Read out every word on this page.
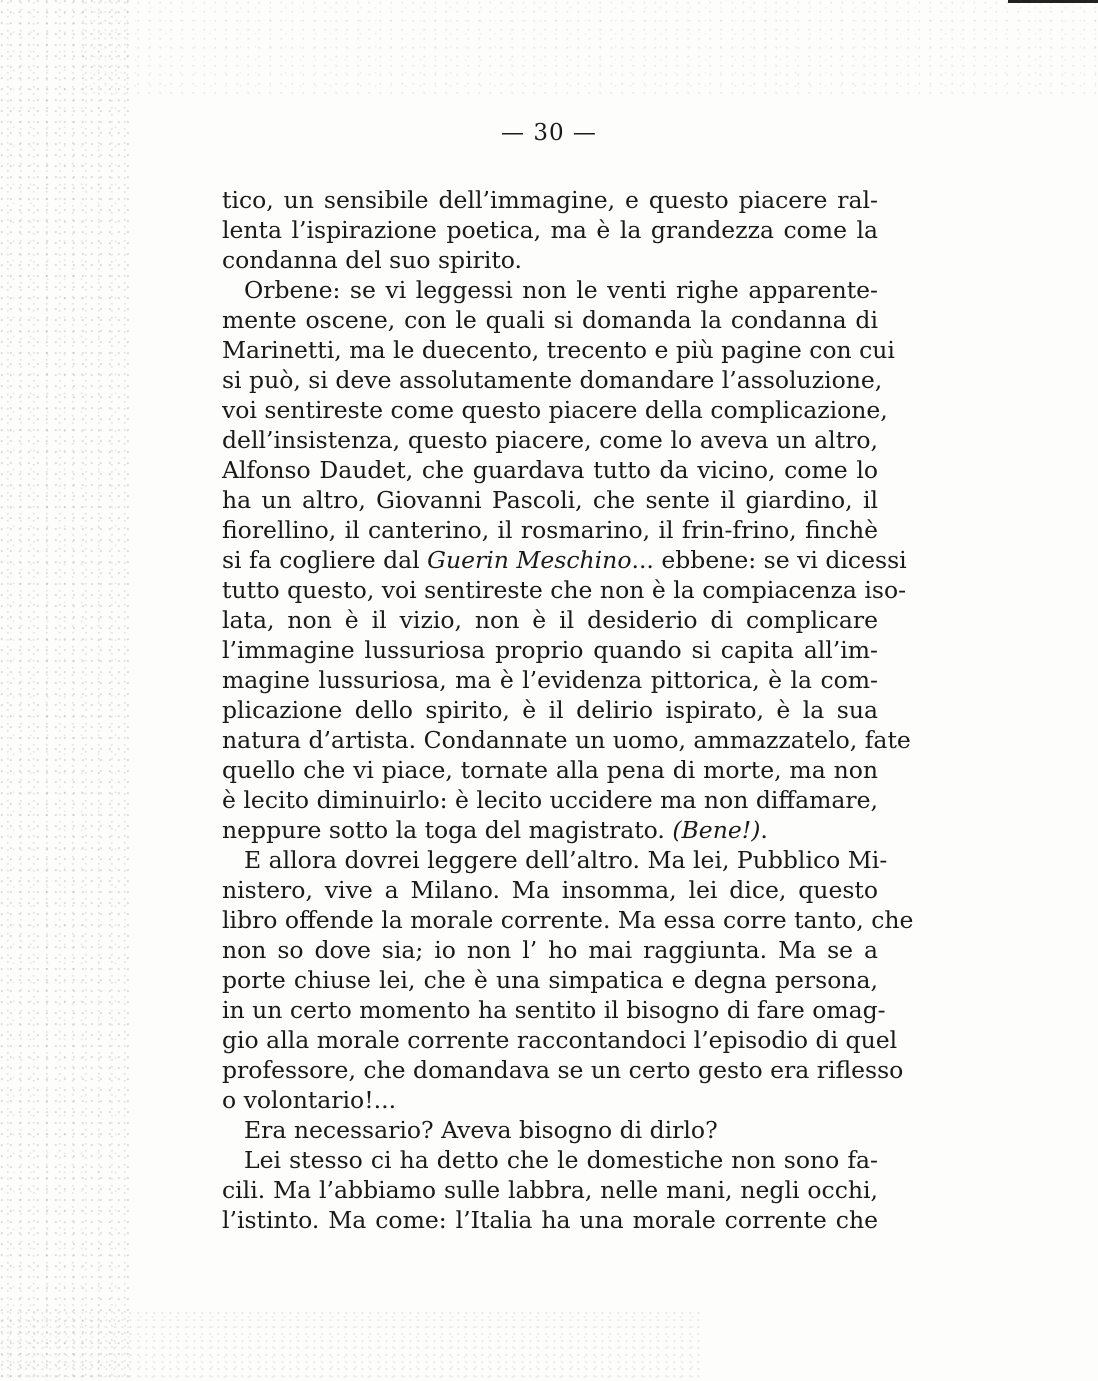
— 30 —
tico, un sensibile dell’immagine, e questo piacere ral-
lenta l’ispirazione poetica, ma è la grandezza come la
condanna del suo spirito.
Orbene: se vi leggessi non le venti righe apparente-
mente oscene, con le quali si domanda la condanna di
Marinetti, ma le duecento, trecento e più pagine con cui
si può, si deve assolutamente domandare l’assoluzione,
voi sentireste come questo piacere della complicazione,
dell’insistenza, questo piacere, come lo aveva un altro,
Alfonso Daudet, che guardava tutto da vicino, come lo
ha un altro, Giovanni Pascoli, che sente il giardino, il
fiorellino, il canterino, il rosmarino, il frin-frino, finchè
si fa cogliere dal Guerin Meschino... ebbene: se vi dicessi
tutto questo, voi sentireste che non è la compiacenza iso-
lata, non è il vizio, non è il desiderio di complicare
l’immagine lussuriosa proprio quando si capita all’im-
magine lussuriosa, ma è l’evidenza pittorica, è la com-
plicazione dello spirito, è il delirio ispirato, è la sua
natura d’artista. Condannate un uomo, ammazzatelo, fate
quello che vi piace, tornate alla pena di morte, ma non
è lecito diminuirlo: è lecito uccidere ma non diffamare,
neppure sotto la toga del magistrato. (Bene!).
E allora dovrei leggere dell’altro. Ma lei, Pubblico Mi-
nistero, vive a Milano. Ma insomma, lei dice, questo
libro offende la morale corrente. Ma essa corre tanto, che
non so dove sia; io non l’ ho mai raggiunta. Ma se a
porte chiuse lei, che è una simpatica e degna persona,
in un certo momento ha sentito il bisogno di fare omag-
gio alla morale corrente raccontandoci l’episodio di quel
professore, che domandava se un certo gesto era riflesso
o volontario!...
Era necessario? Aveva bisogno di dirlo?
Lei stesso ci ha detto che le domestiche non sono fa-
cili. Ma l’abbiamo sulle labbra, nelle mani, negli occhi,
l’istinto. Ma come: l’Italia ha una morale corrente che
